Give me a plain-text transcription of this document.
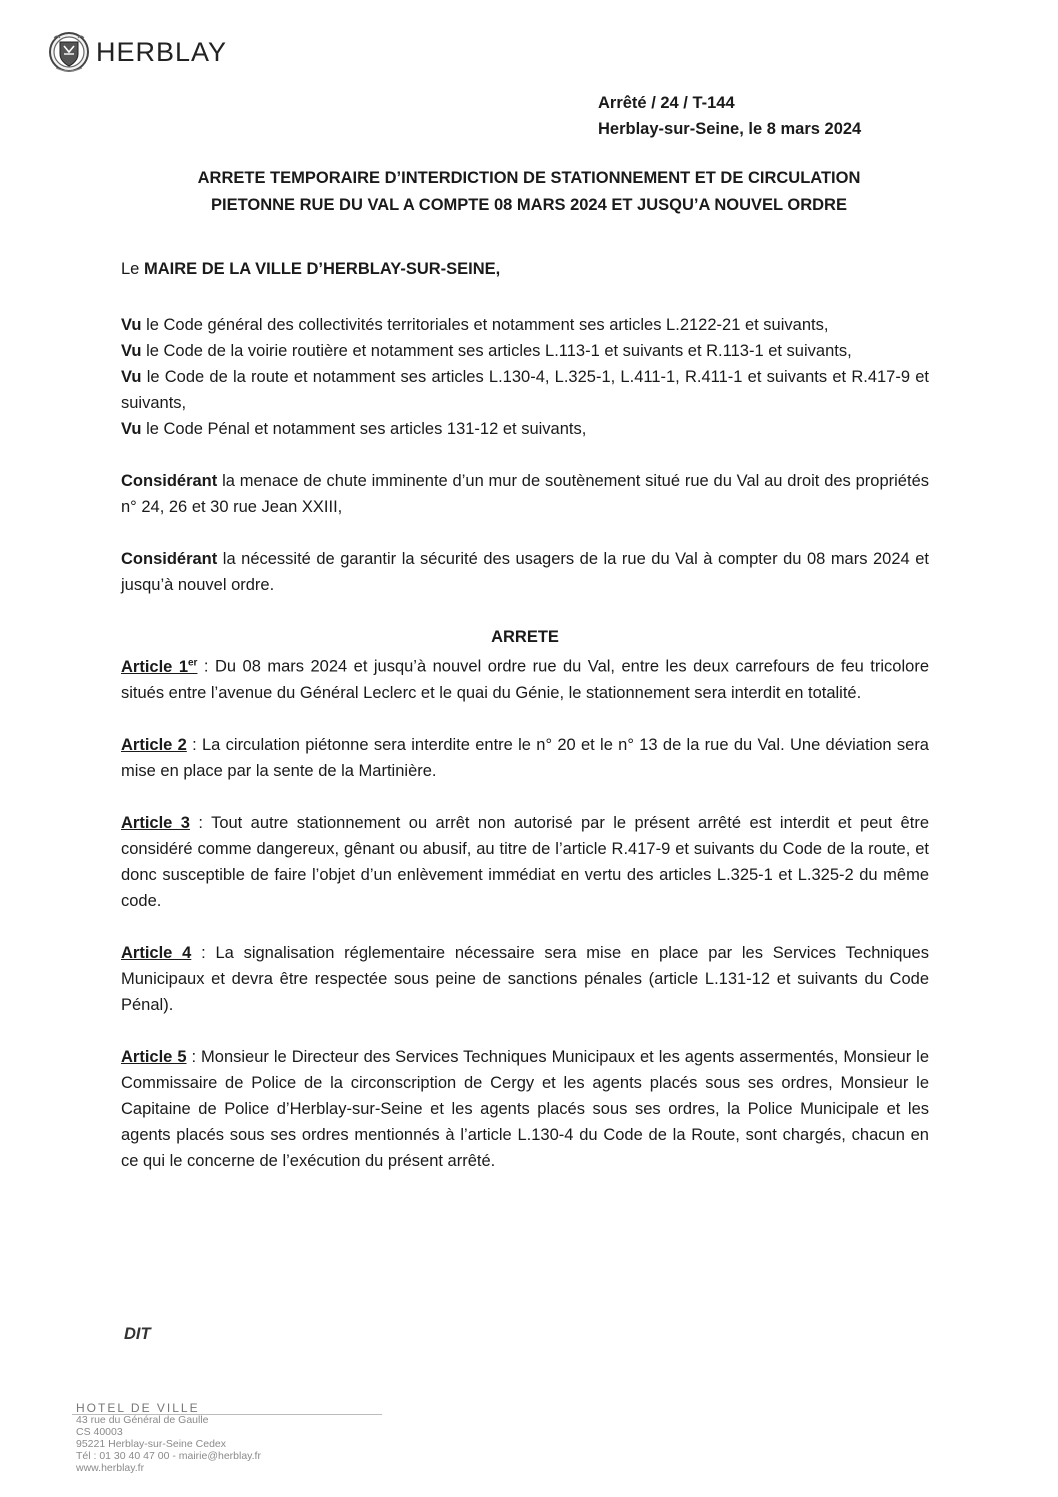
HERBLAY
Arrêté / 24 / T-144
Herblay-sur-Seine, le 8 mars 2024
ARRETE TEMPORAIRE D’INTERDICTION DE STATIONNEMENT ET DE CIRCULATION
PIETONNE RUE DU VAL A COMPTE 08 MARS 2024 ET JUSQU’A NOUVEL ORDRE

Le MAIRE DE LA VILLE D’HERBLAY-SUR-SEINE,

Vu le Code général des collectivités territoriales et notamment ses articles L.2122-21 et suivants,

Vu le Code de la voirie routière et notamment ses articles L.113-1 et suivants et R.113-1 et suivants,

Vu le Code de la route et notamment ses articles L.130-4, L.325-1, L.411-1, R.411-1 et suivants et R.417-9 et suivants,

Vu le Code Pénal et notamment ses articles 131-12 et suivants,

Considérant la menace de chute imminente d’un mur de soutènement situé rue du Val au droit des propriétés n° 24, 26 et 30 rue Jean XXIII,

Considérant la nécessité de garantir la sécurité des usagers de la rue du Val à compter du 08 mars 2024 et jusqu’à nouvel ordre.

ARRETE

Article 1er : Du 08 mars 2024 et jusqu’à nouvel ordre rue du Val, entre les deux carrefours de feu tricolore situés entre l’avenue du Général Leclerc et le quai du Génie, le stationnement sera interdit en totalité.

Article 2 : La circulation piétonne sera interdite entre le n° 20 et le n° 13 de la rue du Val. Une déviation sera mise en place par la sente de la Martinière.

Article 3 : Tout autre stationnement ou arrêt non autorisé par le présent arrêté est interdit et peut être considéré comme dangereux, gênant ou abusif, au titre de l’article R.417-9 et suivants du Code de la route, et donc susceptible de faire l’objet d’un enlèvement immédiat en vertu des articles L.325-1 et L.325-2 du même code.

Article 4 : La signalisation réglementaire nécessaire sera mise en place par les Services Techniques Municipaux et devra être respectée sous peine de sanctions pénales (article L.131-12 et suivants du Code Pénal).

Article 5 : Monsieur le Directeur des Services Techniques Municipaux et les agents assermentés, Monsieur le Commissaire de Police de la circonscription de Cergy et les agents placés sous ses ordres, Monsieur le Capitaine de Police d’Herblay-sur-Seine et les agents placés sous ses ordres, la Police Municipale et les agents placés sous ses ordres mentionnés à l’article L.130-4 du Code de la Route, sont chargés, chacun en ce qui le concerne de l’exécution du présent arrêté.

DIT
HOTEL DE VILLE
43 rue du Général de Gaulle
CS 40003
95221 Herblay-sur-Seine Cedex
Tél : 01 30 40 47 00 - mairie@herblay.fr
www.herblay.fr
